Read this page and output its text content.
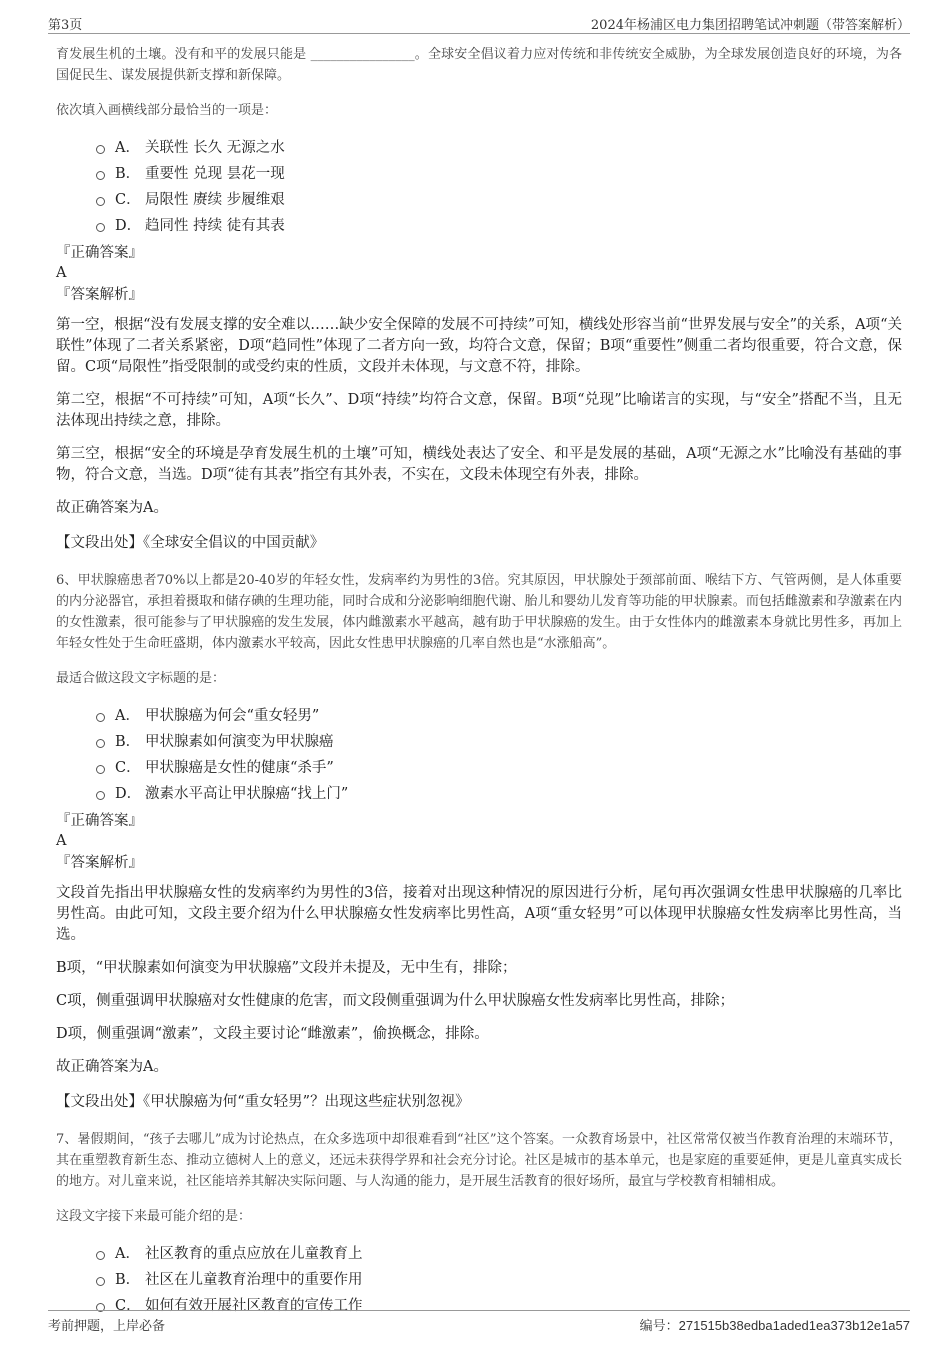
第3页	2024年杨浦区电力集团招聘笔试冲刺题（带答案解析）
育发展生机的土壤。没有和平的发展只能是 ________________。全球安全倡议着力应对传统和非传统安全威胁，为全球发展创造良好的环境，为各国促民生、谋发展提供新支撑和新保障。
依次填入画横线部分最恰当的一项是：
A． 关联性 长久 无源之水
B． 重要性 兑现 昙花一现
C． 局限性 赓续 步履维艰
D． 趋同性 持续 徒有其表
『正确答案』
A
『答案解析』
第一空，根据“没有发展支撑的安全难以……缺少安全保障的发展不可持续”可知，横线处形容当前“世界发展与安全”的关系，A项“关联性”体现了二者关系紧密，D项“趋同性”体现了二者方向一致，均符合文意，保留；B项“重要性”侧重二者均很重要，符合文意，保留。C项“局限性”指受限制的或受约束的性质，文段并未体现，与文意不符，排除。
第二空，根据“不可持续”可知，A项“长久”、D项“持续”均符合文意，保留。B项“兑现”比喻诺言的实现，与“安全”搭配不当，且无法体现出持续之意，排除。
第三空，根据“安全的环境是孕育发展生机的土壤”可知，横线处表达了安全、和平是发展的基础，A项“无源之水”比喻没有基础的事物，符合文意，当选。D项“徒有其表”指空有其外表，不实在，文段未体现空有外表，排除。
故正确答案为A。
【文段出处】《全球安全倡议的中国贡献》
6、甲状腺癌患者70%以上都是20-40岁的年轻女性，发病率约为男性的3倍。究其原因，甲状腺处于颈部前面、喉结下方、气管两侧，是人体重要的内分泌器官，承担着摄取和储存碘的生理功能，同时合成和分泌影响细胞代谢、胎儿和婴幼儿发育等功能的甲状腺素。而包括雌激素和孕激素在内的女性激素，很可能参与了甲状腺癌的发生发展，体内雌激素水平越高，越有助于甲状腺癌的发生。由于女性体内的雌激素本身就比男性多，再加上年轻女性处于生命旺盛期，体内激素水平较高，因此女性患甲状腺癌的几率自然也是“水涨船高”。
最适合做这段文字标题的是：
A． 甲状腺癌为何会“重女轻男”
B． 甲状腺素如何演变为甲状腺癌
C． 甲状腺癌是女性的健康“杀手”
D． 激素水平高让甲状腺癌“找上门”
『正确答案』
A
『答案解析』
文段首先指出甲状腺癌女性的发病率约为男性的3倍，接着对出现这种情况的原因进行分析，尾句再次强调女性患甲状腺癌的几率比男性高。由此可知，文段主要介绍为什么甲状腺癌女性发病率比男性高，A项“重女轻男”可以体现甲状腺癌女性发病率比男性高，当选。
B项，“甲状腺素如何演变为甲状腺癌”文段并未提及，无中生有，排除；
C项，侧重强调甲状腺癌对女性健康的危害，而文段侧重强调为什么甲状腺癌女性发病率比男性高，排除；
D项，侧重强调“激素”，文段主要讨论“雌激素”，偷换概念，排除。
故正确答案为A。
【文段出处】《甲状腺癌为何“重女轻男”？出现这些症状别忽视》
7、暑假期间，“孩子去哪儿”成为讨论热点，在众多选项中却很难看到“社区”这个答案。一众教育场景中，社区常常仅被当作教育治理的末端环节，其在重塑教育新生态、推动立德树人上的意义，还远未获得学界和社会充分讨论。社区是城市的基本单元，也是家庭的重要延伸，更是儿童真实成长的地方。对儿童来说，社区能培养其解决实际问题、与人沟通的能力，是开展生活教育的很好场所，最宜与学校教育相辅相成。
这段文字接下来最可能介绍的是：
A． 社区教育的重点应放在儿童教育上
B． 社区在儿童教育治理中的重要作用
C． 如何有效开展社区教育的宣传工作
考前押题，上岸必备	编号：271515b38edba1aded1ea373b12e1a57
